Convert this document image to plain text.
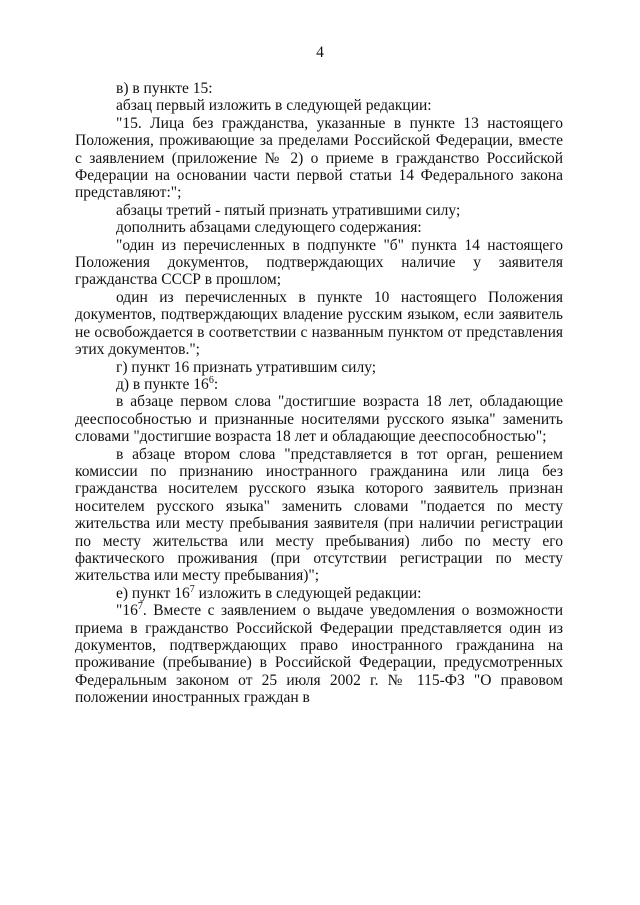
4

в) в пункте 15:

абзац первый изложить в следующей редакции:

"15. Лица без гражданства, указанные в пункте 13 настоящего Положения, проживающие за пределами Российской Федерации, вместе с заявлением (приложение № 2) о приеме в гражданство Российской Федерации на основании части первой статьи 14 Федерального закона представляют:";

абзацы третий - пятый признать утратившими силу;

дополнить абзацами следующего содержания:

"один из перечисленных в подпункте "б" пункта 14 настоящего Положения документов, подтверждающих наличие у заявителя гражданства СССР в прошлом;

один из перечисленных в пункте 10 настоящего Положения документов, подтверждающих владение русским языком, если заявитель не освобождается в соответствии с названным пунктом от представления этих документов.";

г) пункт 16 признать утратившим силу;

д) в пункте $16^6$:

в абзаце первом слова "достигшие возраста 18 лет, обладающие дееспособностью и признанные носителями русского языка" заменить словами "достигшие возраста 18 лет и обладающие дееспособностью";

в абзаце втором слова "представляется в тот орган, решением комиссии по признанию иностранного гражданина или лица без гражданства носителем русского языка которого заявитель признан носителем русского языка" заменить словами "подается по месту жительства или месту пребывания заявителя (при наличии регистрации по месту жительства или месту пребывания) либо по месту его фактического проживания (при отсутствии регистрации по месту жительства или месту пребывания)";

е) пункт $16^7$ изложить в следующей редакции:

"$16^7$. Вместе с заявлением о выдаче уведомления о возможности приема в гражданство Российской Федерации представляется один из документов, подтверждающих право иностранного гражданина на проживание (пребывание) в Российской Федерации, предусмотренных Федеральным законом от 25 июля 2002 г. № 115-ФЗ "О правовом положении иностранных граждан в
